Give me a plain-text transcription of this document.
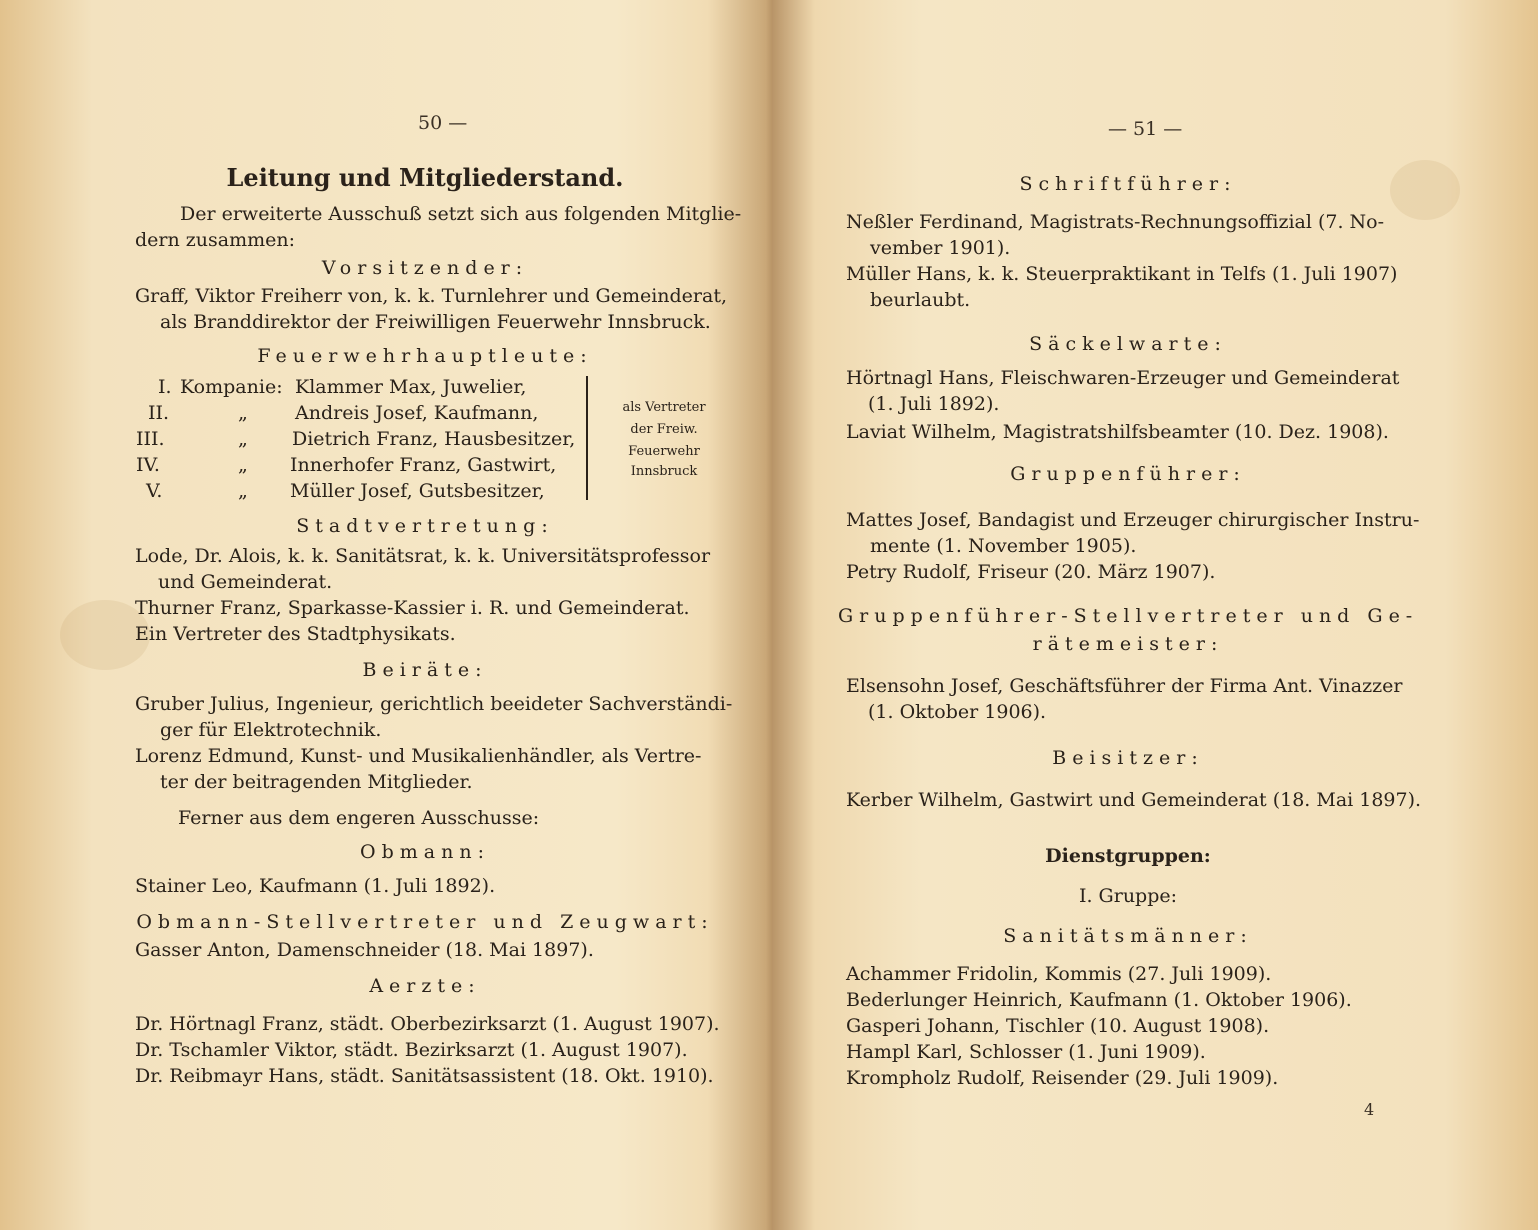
50 —
Leitung und Mitgliederstand.
Der erweiterte Ausschuß setzt sich aus folgenden Mitglie-
dern zusammen:
Vorsitzender:
Graff, Viktor Freiherr von, k. k. Turnlehrer und Gemeinderat,
als Branddirektor der Freiwilligen Feuerwehr Innsbruck.
Feuerwehrhauptleute:
I. Kompanie: Klammer Max, Juwelier,
II.	„ Andreis Josef, Kaufmann,
III.	„ Dietrich Franz, Hausbesitzer,
IV.	„ Innerhofer Franz, Gastwirt,
V.	„ Müller Josef, Gutsbesitzer,
als Vertreter
der Freiw.
Feuerwehr
Innsbruck
Stadtvertretung:
Lode, Dr. Alois, k. k. Sanitätsrat, k. k. Universitätsprofessor
und Gemeinderat.
Thurner Franz, Sparkasse-Kassier i. R. und Gemeinderat.
Ein Vertreter des Stadtphysikats.
Beiräte:
Gruber Julius, Ingenieur, gerichtlich beeideter Sachverständi-
ger für Elektrotechnik.
Lorenz Edmund, Kunst- und Musikalienhändler, als Vertre-
ter der beitragenden Mitglieder.
Ferner aus dem engeren Ausschusse:
Obmann:
Stainer Leo, Kaufmann (1. Juli 1892).
Obmann-Stellvertreter und Zeugwart:
Gasser Anton, Damenschneider (18. Mai 1897).
Aerzte:
Dr. Hörtnagl Franz, städt. Oberbezirksarzt (1. August 1907).
Dr. Tschamler Viktor, städt. Bezirksarzt (1. August 1907).
Dr. Reibmayr Hans, städt. Sanitätsassistent (18. Okt. 1910).
— 51 —
Schriftführer:
Neßler Ferdinand, Magistrats-Rechnungsoffizial (7. No-
vember 1901).
Müller Hans, k. k. Steuerpraktikant in Telfs (1. Juli 1907)
beurlaubt.
Säckelwarte:
Hörtnagl Hans, Fleischwaren-Erzeuger und Gemeinderat
(1. Juli 1892).
Laviat Wilhelm, Magistratshilfsbeamter (10. Dez. 1908).
Gruppenführer:
Mattes Josef, Bandagist und Erzeuger chirurgischer Instru-
mente (1. November 1905).
Petry Rudolf, Friseur (20. März 1907).
Gruppenführer-Stellvertreter und Ge-
rätemeister:
Elsensohn Josef, Geschäftsführer der Firma Ant. Vinazzer
(1. Oktober 1906).
Beisitzer:
Kerber Wilhelm, Gastwirt und Gemeinderat (18. Mai 1897).
Dienstgruppen:
I. Gruppe:
Sanitätsmänner:
Achammer Fridolin, Kommis (27. Juli 1909).
Bederlunger Heinrich, Kaufmann (1. Oktober 1906).
Gasperi Johann, Tischler (10. August 1908).
Hampl Karl, Schlosser (1. Juni 1909).
Krompholz Rudolf, Reisender (29. Juli 1909).
4
